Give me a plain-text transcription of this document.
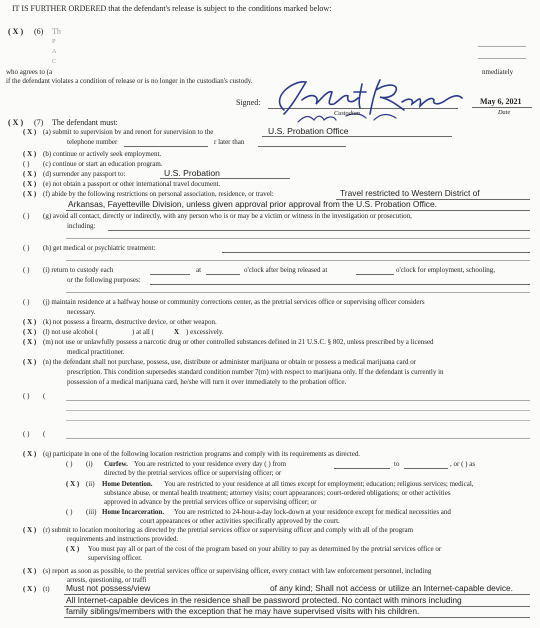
IT IS FURTHER ORDERED that the defendant's release is subject to the conditions marked below:
( X ) (6) Th
P
A
C
who agrees to (a	nmediately
if the defendant violates a condition of release or is no longer in the custodian's custody.
Signed:
Custodian
May 6, 2021
Date
( X ) (7) The defendant must:
( X ) (a) submit to supervision bv and renort for sunervision to the	U.S. Probation Office
telephone number	r later than
( X ) (b) continue or actively seek employment.
( ) (c) continue or start an education program.
( X ) (d) surrender any passport to:	U.S. Probation
( X ) (e) not obtain a passport or other international travel document.
( X ) (f) abide by the following restrictions on personal association, residence, or travel:	Travel restricted to Western District of
Arkansas, Fayetteville Division, unless given approval prior approval from the U.S. Probation Office.
( ) (g) avoid all contact, directly or indirectly, with any person who is or may be a victim or witness in the investigation or prosecution,
including:
( ) (h) get medical or psychiatric treatment:
( ) (i) return to custody each	at	o'clock after being released at	o'clock for employment, schooling,
or the following purposes:
( ) (j) maintain residence at a halfway house or community corrections center, as the pretrial services office or supervising officer considers
necessary.
( X ) (k) not possess a firearm, destructive device, or other weapon.
( X ) (l) not use alcohol (	) at all (	X ) excessively.
( X ) (m) not use or unlawfully possess a narcotic drug or other controlled substances defined in 21 U.S.C. § 802, unless prescribed by a licensed
medical practitioner.
( X ) (n) the defendant shall not purchase, possess, use, distribute or administer marijuana or obtain or possess a medical marijuana card or
prescription. This condition supersedes standard condition number 7(m) with respect to marijuana only. If the defendant is currently in
possession of a medical marijuana card, he/she will turn it over immediately to the probation office.
( ) (
( ) (
( X ) (q) participate in one of the following location restriction programs and comply with its requirements as directed.
( ) (i) Curfew. You are restricted to your residence every day ( ) from	to	, or ( ) as
directed by the pretrial services office or supervising officer; or
( X ) (ii) Home Detention. You are restricted to your residence at all times except for employment; education; religious services; medical,
substance abuse, or mental health treatment; attorney visits; court appearances; court-ordered obligations; or other activities
approved in advance by the pretrial services office or supervising officer; or
( ) (iii) Home Incarceration. You are restricted to 24-hour-a-day lock-down at your residence except for medical necessities and
court appearances or other activities specifically approved by the court.
( X ) (r) submit to location monitoring as directed by the pretrial services office or supervising officer and comply with all of the program
requirements and instructions provided.
( X ) You must pay all or part of the cost of the program based on your ability to pay as determined by the pretrial services office or
supervising officer.
( X ) (s) report as soon as possible, to the pretrial services office or supervising officer, every contact with law enforcement personnel, including
arrests, questioning, or traffi
( X ) (t) Must not possess/view	of any kind; Shall not access or utilize an Internet-capable device.
All Internet-capable devices in the residence shall be password protected. No contact with minors including
family siblings/members with the exception that he may have supervised visits with his children.
